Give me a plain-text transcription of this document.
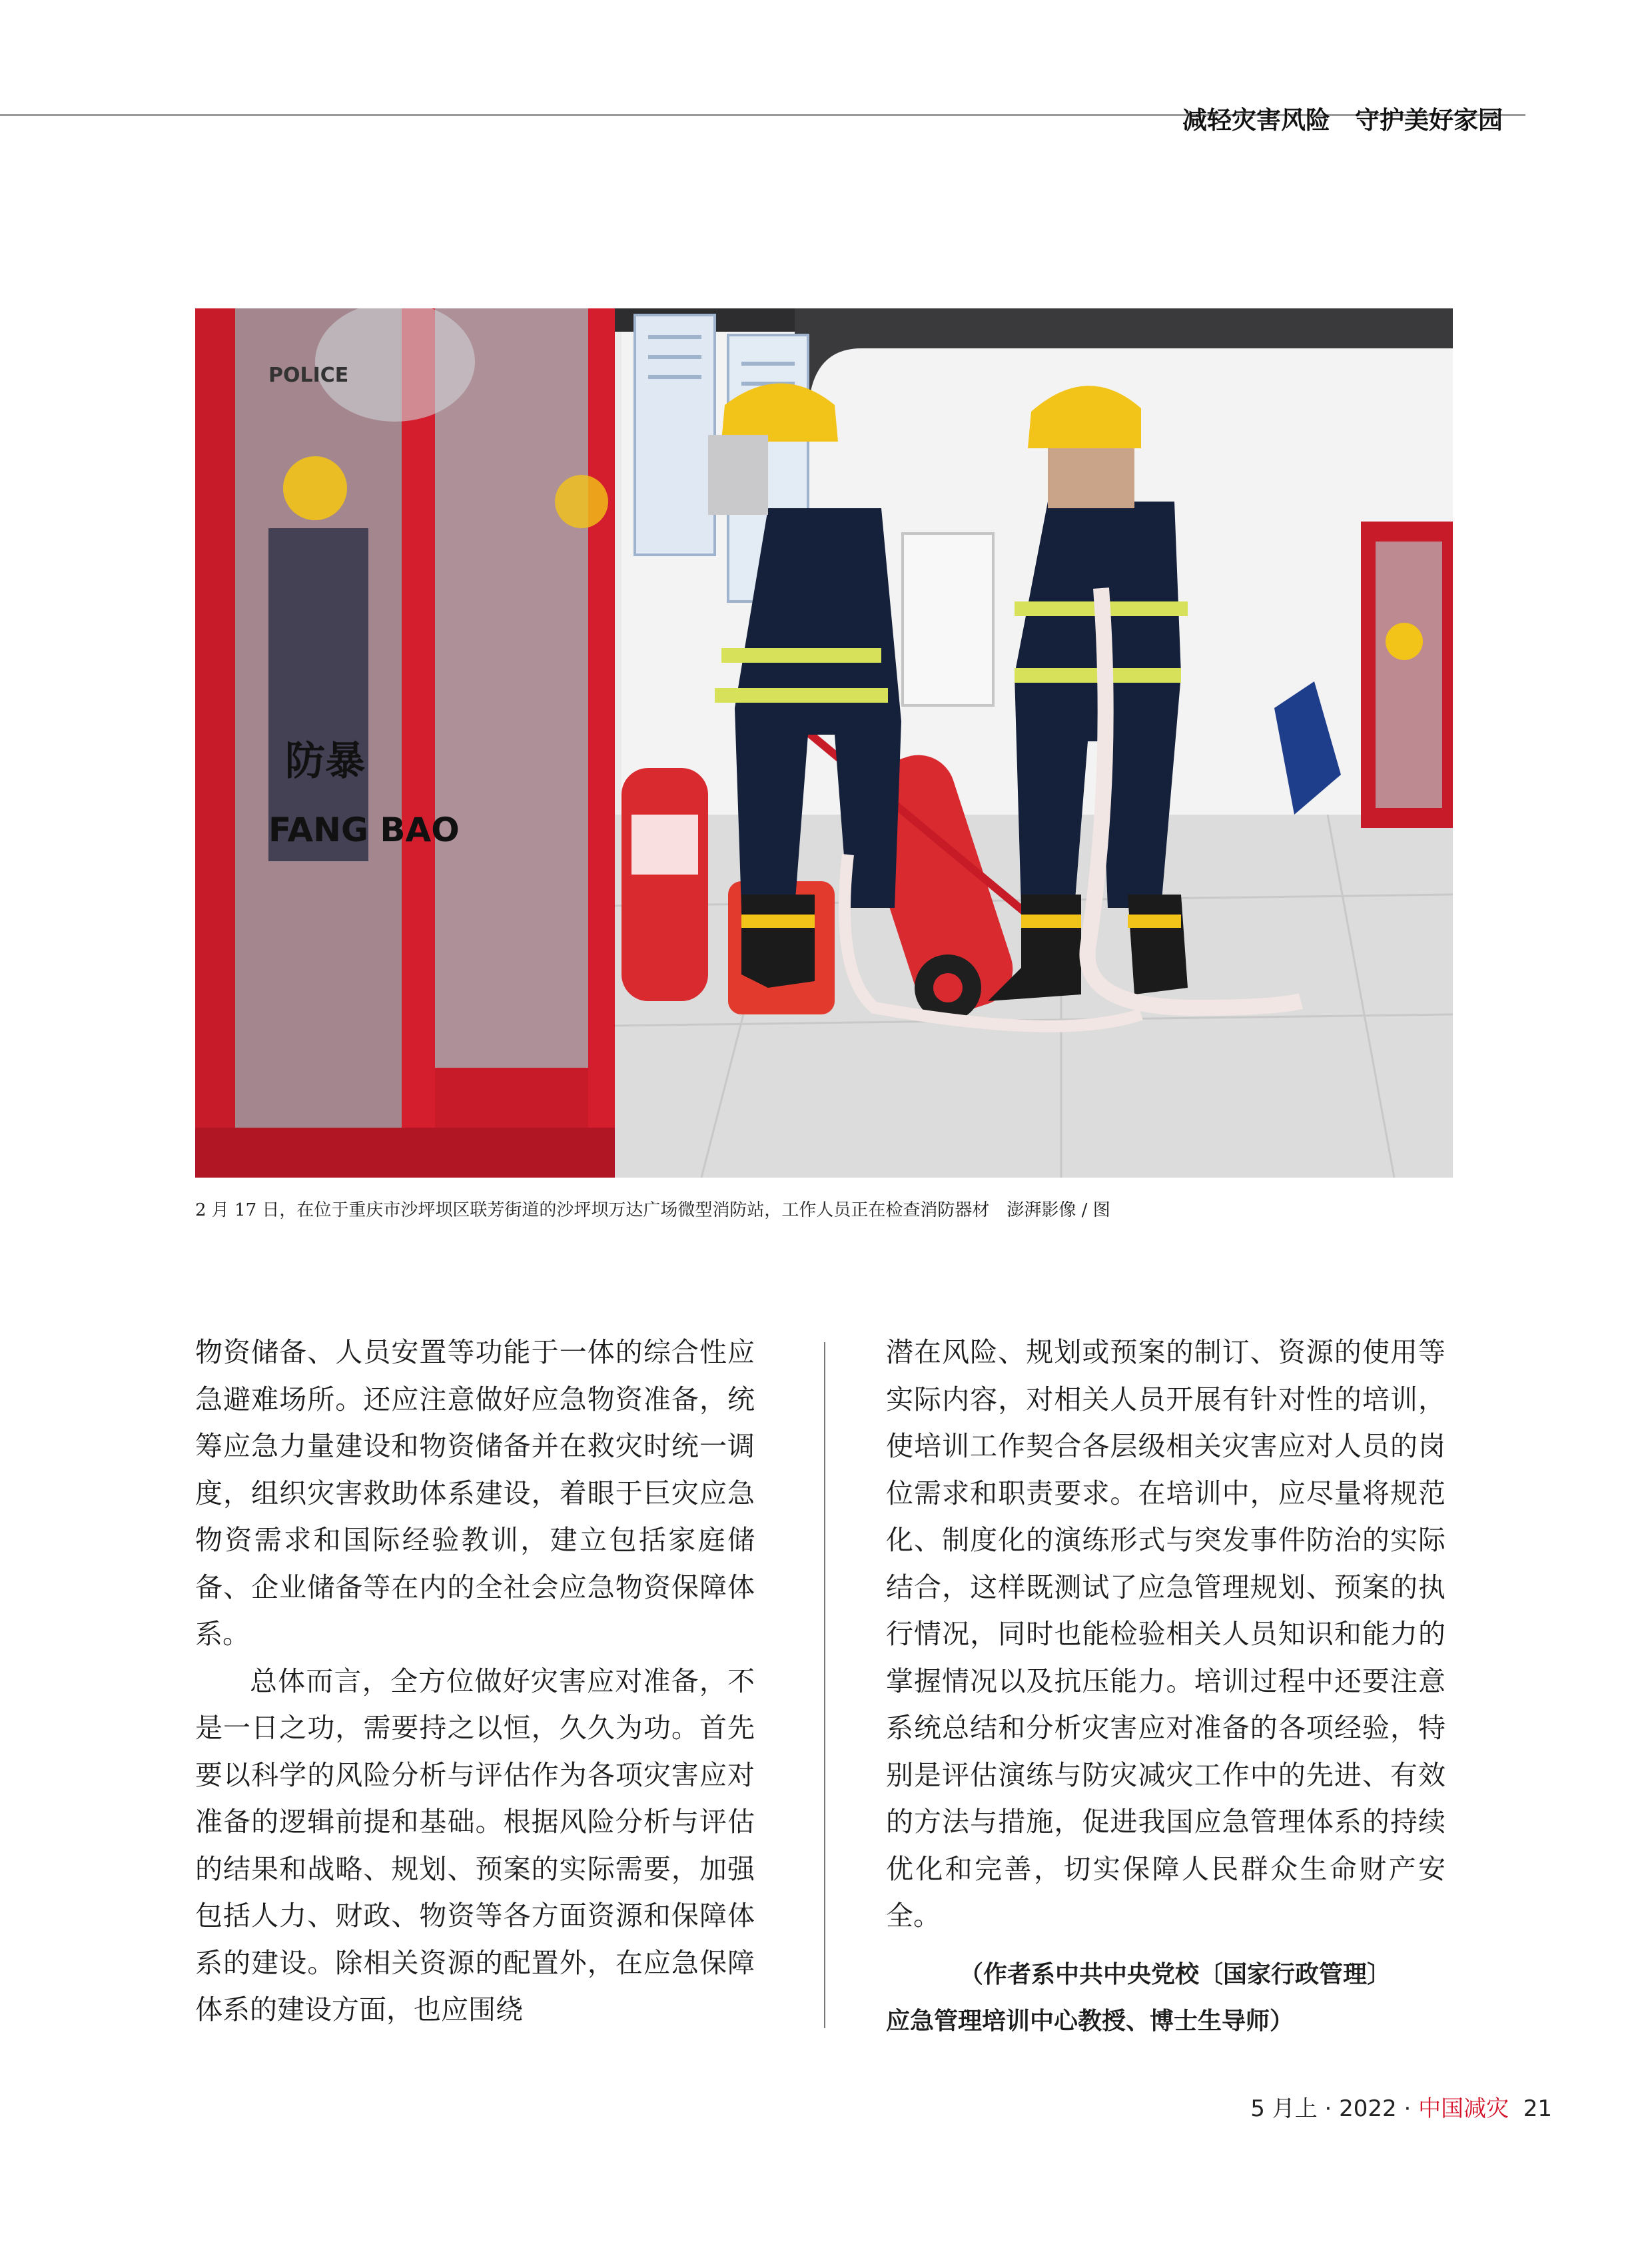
减轻灾害风险　守护美好家园
POLICE
防暴
FANG BAO
2 月 17 日，在位于重庆市沙坪坝区联芳街道的沙坪坝万达广场微型消防站，工作人员正在检查消防器材　澎湃影像 / 图

物资储备、人员安置等功能于一体的综合性应急避难场所。还应注意做好应急物资准备，统筹应急力量建设和物资储备并在救灾时统一调度，组织灾害救助体系建设，着眼于巨灾应急物资需求和国际经验教训，建立包括家庭储备、企业储备等在内的全社会应急物资保障体系。

总体而言，全方位做好灾害应对准备，不是一日之功，需要持之以恒，久久为功。首先要以科学的风险分析与评估作为各项灾害应对准备的逻辑前提和基础。根据风险分析与评估的结果和战略、规划、预案的实际需要，加强包括人力、财政、物资等各方面资源和保障体系的建设。除相关资源的配置外，在应急保障体系的建设方面，也应围绕

潜在风险、规划或预案的制订、资源的使用等实际内容，对相关人员开展有针对性的培训，使培训工作契合各层级相关灾害应对人员的岗位需求和职责要求。在培训中，应尽量将规范化、制度化的演练形式与突发事件防治的实际结合，这样既测试了应急管理规划、预案的执行情况，同时也能检验相关人员知识和能力的掌握情况以及抗压能力。培训过程中还要注意系统总结和分析灾害应对准备的各项经验，特别是评估演练与防灾减灾工作中的先进、有效的方法与措施，促进我国应急管理体系的持续优化和完善，切实保障人民群众生命财产安全。

（作者系中共中央党校〔国家行政管理〕

应急管理培训中心教授、博士生导师）

5 月上 · 2022 · 中国减灾 21
